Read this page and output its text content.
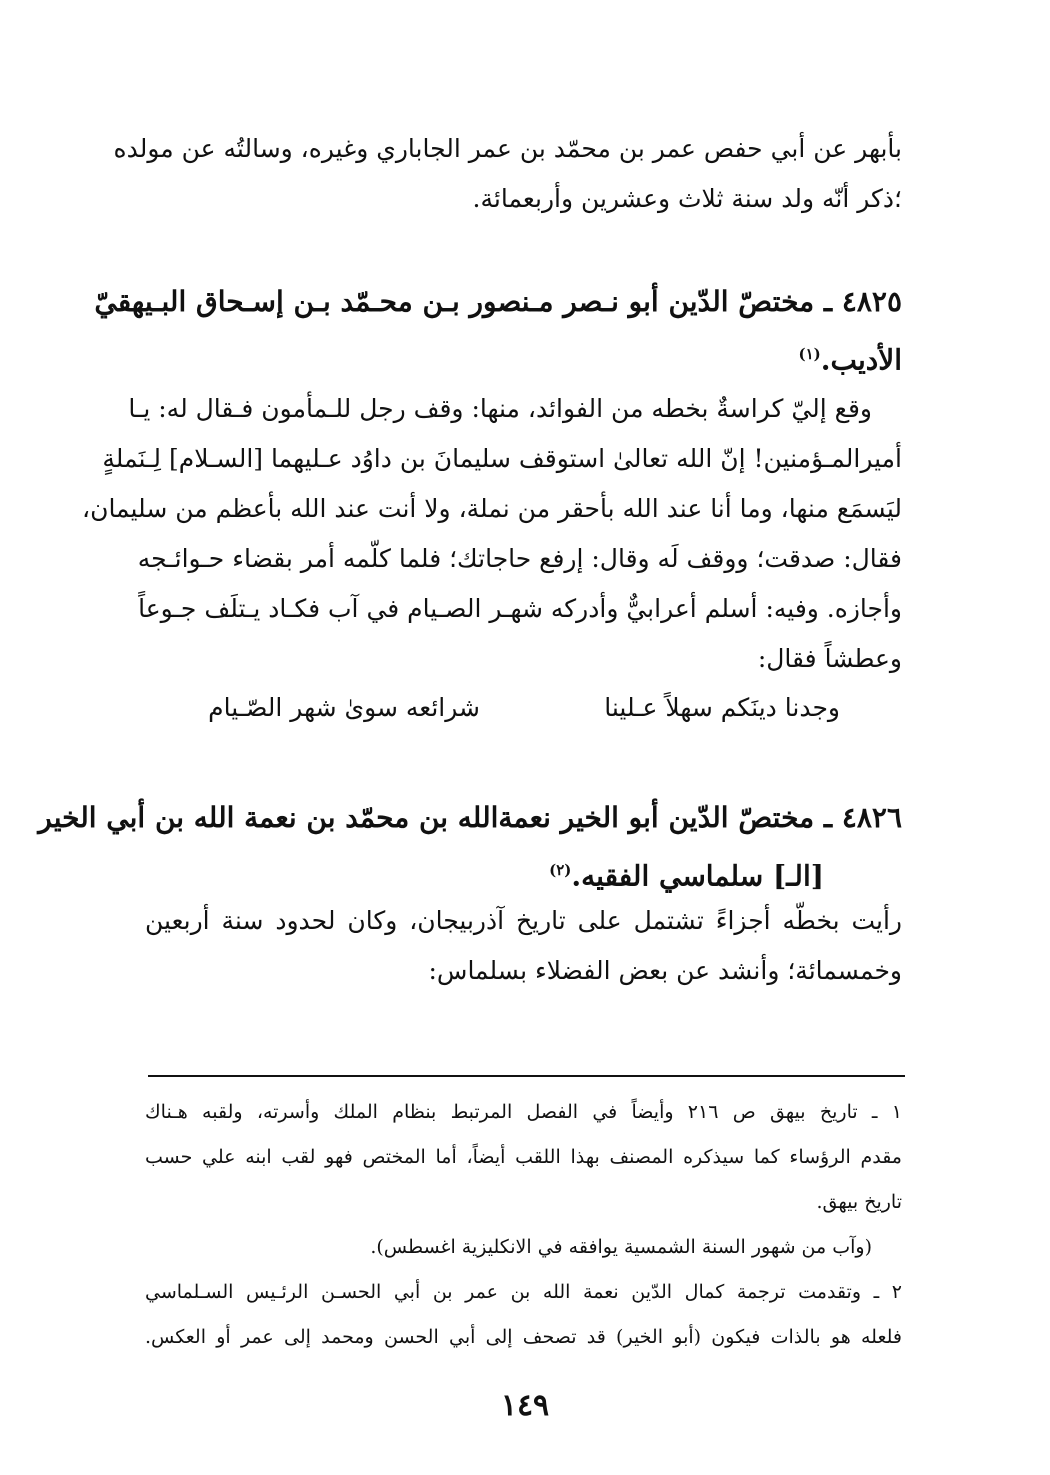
بأبهر عن أبي حفص عمر بن محمّد بن عمر الجاباري وغيره، وسالتُه عن مولده
؛ذكر أنّه ولد سنة ثلاث وعشرين وأربعمائة.
٤٨٢٥ ـ مختصّ الدّين أبو نـصر مـنصور بـن محـمّد بـن إسـحاق البـيهقيّ
الأديب.$^{(١)}$
وقع إليّ كراسةٌ بخطه من الفوائد، منها: وقف رجل للـمأمون فـقال له: يـا
أميرالمـؤمنين! إنّ الله تعالىٰ استوقف سليمانَ بن داوُد عـليهما [السـلام] لِـنَملةٍ
ليَسمَع منها، وما أنا عند الله بأحقر من نملة، ولا أنت عند الله بأعظم من سليمان،
فقال: صدقت؛ ووقف لَه وقال: إرفع حاجاتك؛ فلما كلّمه أمر بقضاء حـوائـجه
وأجازه. وفيه: أسلم أعرابيٌّ وأدركه شهـر الصـيام في آب فكـاد يـتلَف جـوعاً
وعطشاً فقال:
وجدنا دينَكم سهلاً عـلينا
شرائعه سوىٰ شهر الصّـيام
٤٨٢٦ ـ مختصّ الدّين أبو الخير نعمةالله بن محمّد بن نعمة الله بن أبي الخير
[الـ] سلماسي الفقيه.$^{(٢)}$
رأيت بخطّه أجزاءً تشتمل على تاريخ آذربيجان، وكان لحدود سنة أربعين
وخمسمائة؛ وأنشد عن بعض الفضلاء بسلماس:
١ ـ تاريخ بيهق ص ٢١٦ وأيضاً في الفصل المرتبط بنظام الملك وأسرته، ولقبه هـناك
مقدم الرؤساء كما سيذكره المصنف بهذا اللقب أيضاً، أما المختص فهو لقب ابنه علي حسب
تاريخ بيهق.
(وآب من شهور السنة الشمسية يوافقه في الانكليزية اغسطس).
٢ ـ وتقدمت ترجمة كمال الدّين نعمة الله بن عمر بن أبي الحسـن الرئـيس السـلماسي
فلعله هو بالذات فيكون (أبو الخير) قد تصحف إلى أبي الحسن ومحمد إلى عمر أو العكس.
١٤٩
